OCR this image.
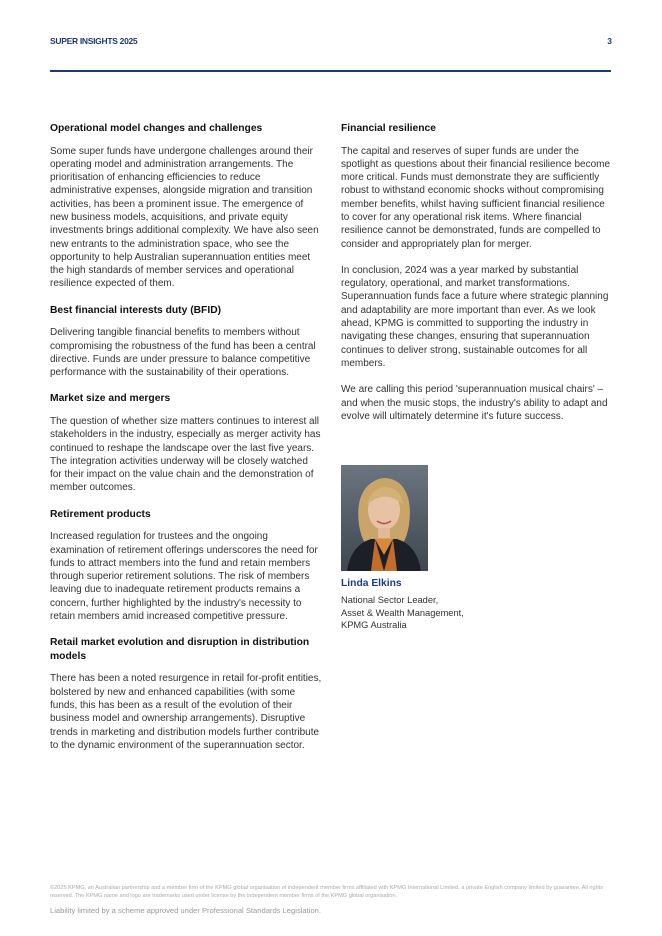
SUPER INSIGHTS 2025	3
Operational model changes and challenges

Some super funds have undergone challenges around their operating model and administration arrangements. The prioritisation of enhancing efficiencies to reduce administrative expenses, alongside migration and transition activities, has been a prominent issue. The emergence of new business models, acquisitions, and private equity investments brings additional complexity. We have also seen new entrants to the administration space, who see the opportunity to help Australian superannuation entities meet the high standards of member services and operational resilience expected of them.

Best financial interests duty (BFID)

Delivering tangible financial benefits to members without compromising the robustness of the fund has been a central directive. Funds are under pressure to balance competitive performance with the sustainability of their operations.

Market size and mergers

The question of whether size matters continues to interest all stakeholders in the industry, especially as merger activity has continued to reshape the landscape over the last five years. The integration activities underway will be closely watched for their impact on the value chain and the demonstration of member outcomes.

Retirement products

Increased regulation for trustees and the ongoing examination of retirement offerings underscores the need for funds to attract members into the fund and retain members through superior retirement solutions. The risk of members leaving due to inadequate retirement products remains a concern, further highlighted by the industry's necessity to retain members amid increased competitive pressure.

Retail market evolution and disruption in distribution models

There has been a noted resurgence in retail for-profit entities, bolstered by new and enhanced capabilities (with some funds, this has been as a result of the evolution of their business model and ownership arrangements). Disruptive trends in marketing and distribution models further contribute to the dynamic environment of the superannuation sector.

Financial resilience

The capital and reserves of super funds are under the spotlight as questions about their financial resilience become more critical. Funds must demonstrate they are sufficiently robust to withstand economic shocks without compromising member benefits, whilst having sufficient financial resilience to cover for any operational risk items. Where financial resilience cannot be demonstrated, funds are compelled to consider and appropriately plan for merger.

In conclusion, 2024 was a year marked by substantial regulatory, operational, and market transformations. Superannuation funds face a future where strategic planning and adaptability are more important than ever. As we look ahead, KPMG is committed to supporting the industry in navigating these changes, ensuring that superannuation continues to deliver strong, sustainable outcomes for all members.

We are calling this period 'superannuation musical chairs' – and when the music stops, the industry's ability to adapt and evolve will ultimately determine it's future success.

Linda Elkins
National Sector Leader,
Asset & Wealth Management,
KPMG Australia
©2025 KPMG, an Australian partnership and a member firm of the KPMG global organisation of independent member firms affiliated with KPMG International Limited, a private English company limited by guarantee. All rights reserved. The KPMG name and logo are trademarks used under license by the independent member firms of the KPMG global organisation.
Liability limited by a scheme approved under Professional Standards Legislation.
